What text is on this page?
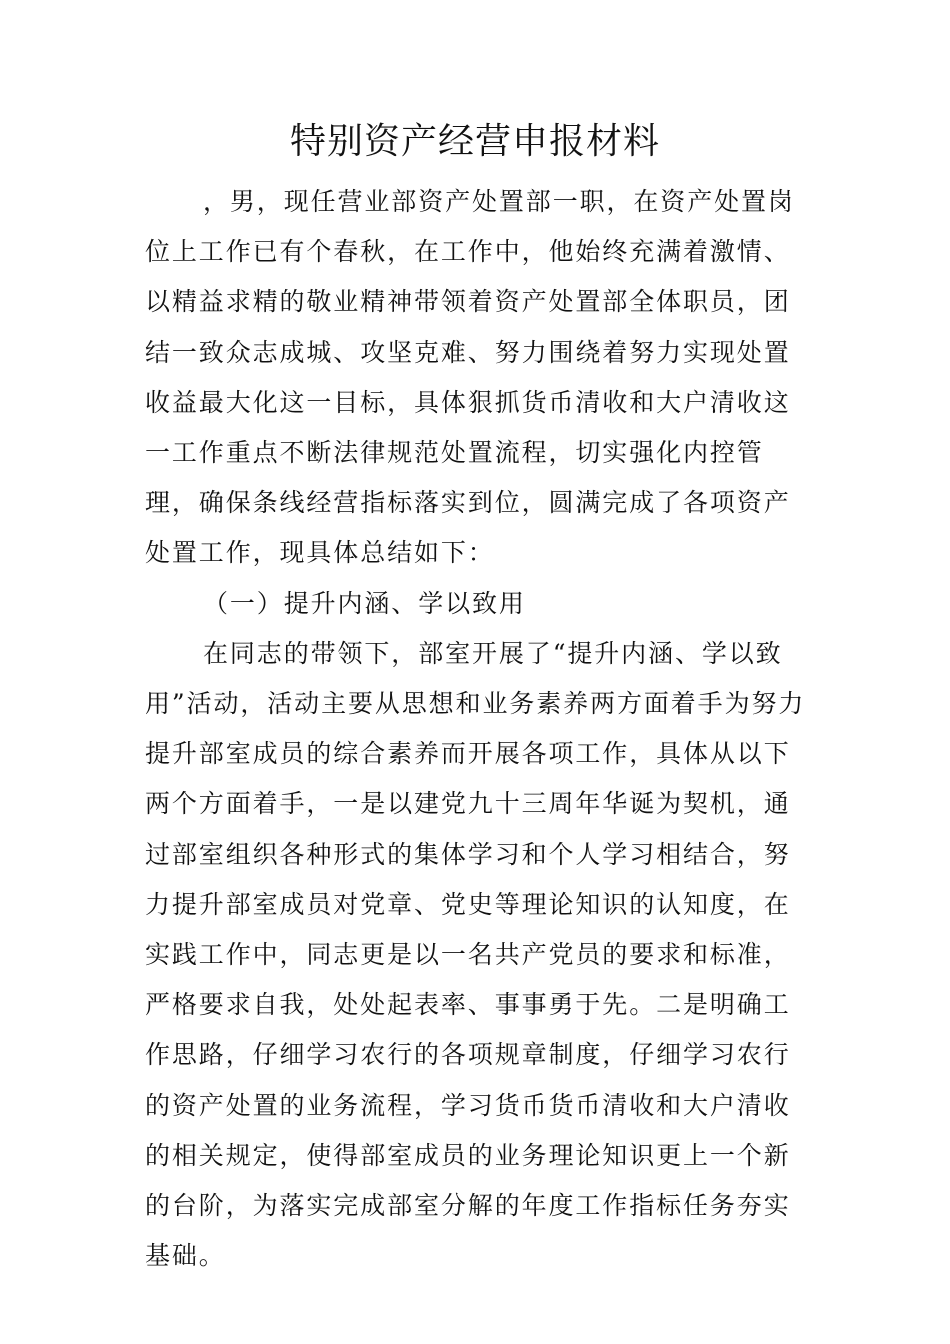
特别资产经营申报材料

，男，现任营业部资产处置部一职，在资产处置岗位上工作已有个春秋，在工作中，他始终充满着激情、以精益求精的敬业精神带领着资产处置部全体职员，团结一致众志成城、攻坚克难、努力围绕着努力实现处置收益最大化这一目标，具体狠抓货币清收和大户清收这一工作重点不断法律规范处置流程，切实强化内控管理，确保条线经营指标落实到位，圆满完成了各项资产处置工作，现具体总结如下：

（一）提升内涵、学以致用

在同志的带领下，部室开展了“提升内涵、学以致用”活动，活动主要从思想和业务素养两方面着手为努力提升部室成员的综合素养而开展各项工作，具体从以下两个方面着手，一是以建党九十三周年华诞为契机，通过部室组织各种形式的集体学习和个人学习相结合，努力提升部室成员对党章、党史等理论知识的认知度，在实践工作中，同志更是以一名共产党员的要求和标准，严格要求自我，处处起表率、事事勇于先。二是明确工作思路，仔细学习农行的各项规章制度，仔细学习农行的资产处置的业务流程，学习货币货币清收和大户清收的相关规定，使得部室成员的业务理论知识更上一个新的台阶，为落实完成部室分解的年度工作指标任务夯实基础。
